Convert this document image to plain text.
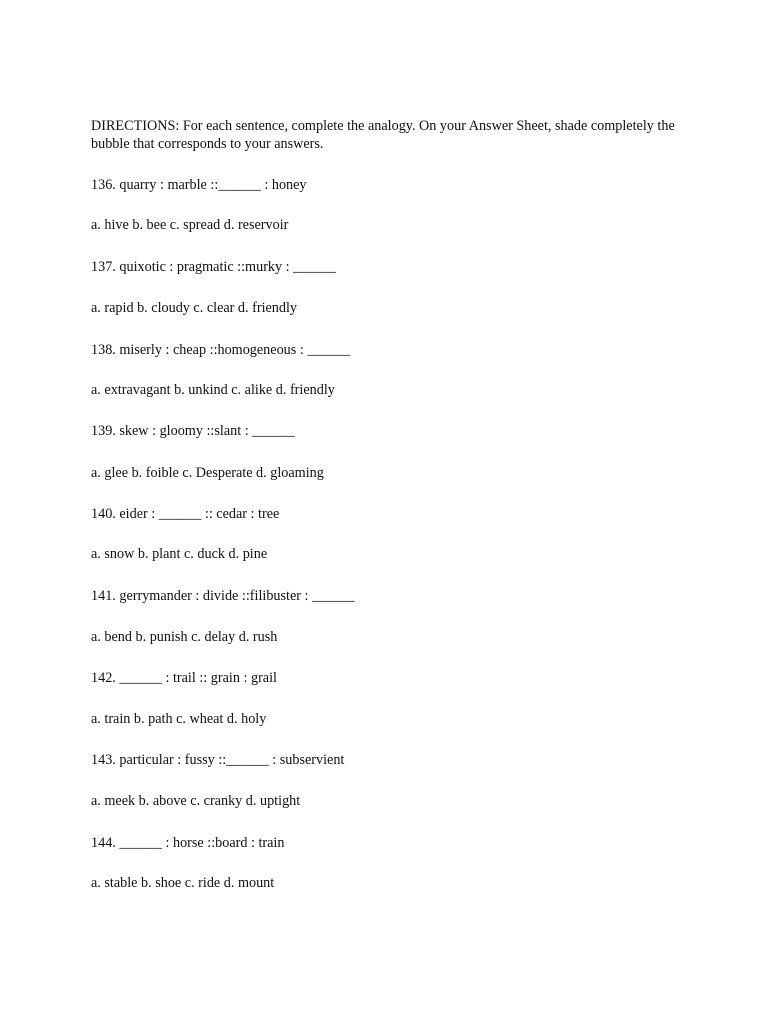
DIRECTIONS: For each sentence, complete the analogy. On your Answer Sheet, shade completely the bubble that corresponds to your answers.

136. quarry : marble ::______ : honey

a. hive b. bee c. spread d. reservoir

137. quixotic : pragmatic ::murky : ______

a. rapid b. cloudy c. clear d. friendly

138. miserly : cheap ::homogeneous : ______

a. extravagant b. unkind c. alike d. friendly

139. skew : gloomy ::slant : ______

a. glee b. foible c. Desperate d. gloaming

140. eider : ______ :: cedar : tree

a. snow b. plant c. duck d. pine

141. gerrymander : divide ::filibuster : ______

a. bend b. punish c. delay d. rush

142. ______ : trail :: grain : grail

a. train b. path c. wheat d. holy

143. particular : fussy ::______ : subservient

a. meek b. above c. cranky d. uptight

144. ______ : horse ::board : train

a. stable b. shoe c. ride d. mount
